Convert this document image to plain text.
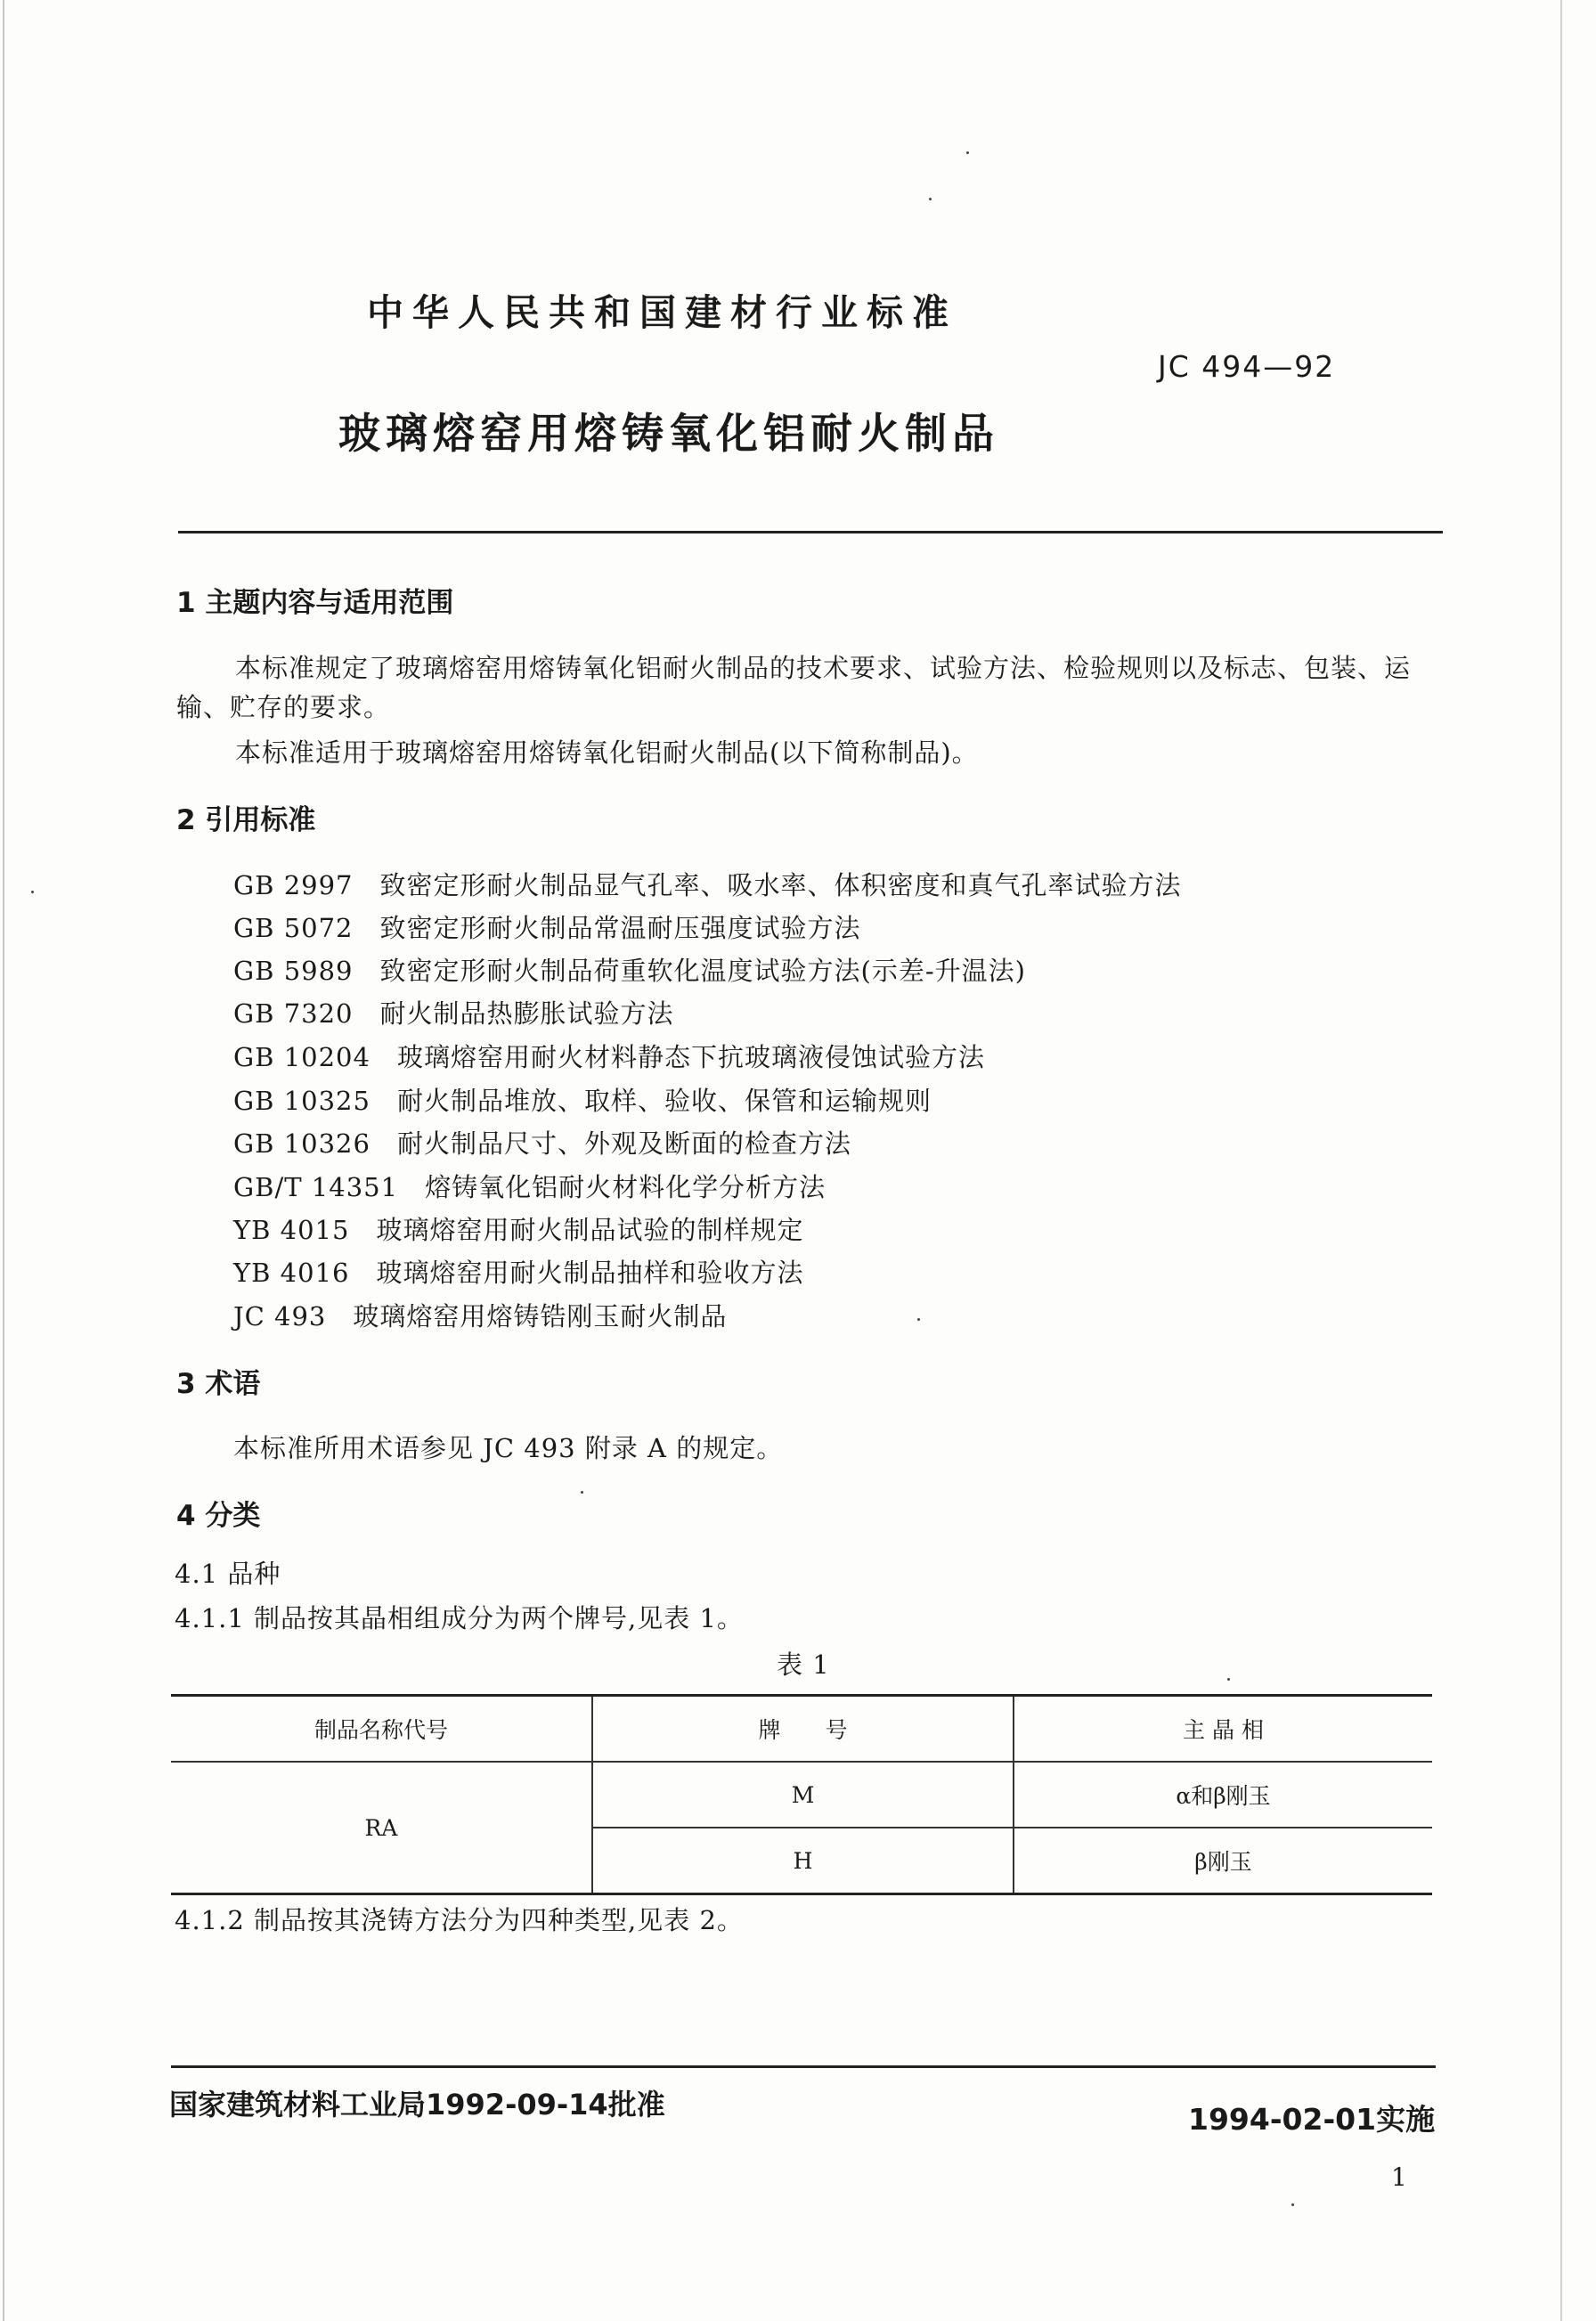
中华人民共和国建材行业标准
JC 494—92
玻璃熔窑用熔铸氧化铝耐火制品
1 主题内容与适用范围
本标准规定了玻璃熔窑用熔铸氧化铝耐火制品的技术要求、试验方法、检验规则以及标志、包装、运
输、贮存的要求。
本标准适用于玻璃熔窑用熔铸氧化铝耐火制品(以下简称制品)。
2 引用标准
GB 2997 致密定形耐火制品显气孔率、吸水率、体积密度和真气孔率试验方法
GB 5072 致密定形耐火制品常温耐压强度试验方法
GB 5989 致密定形耐火制品荷重软化温度试验方法(示差-升温法)
GB 7320 耐火制品热膨胀试验方法
GB 10204 玻璃熔窑用耐火材料静态下抗玻璃液侵蚀试验方法
GB 10325 耐火制品堆放、取样、验收、保管和运输规则
GB 10326 耐火制品尺寸、外观及断面的检查方法
GB/T 14351 熔铸氧化铝耐火材料化学分析方法
YB 4015 玻璃熔窑用耐火制品试验的制样规定
YB 4016 玻璃熔窑用耐火制品抽样和验收方法
JC 493 玻璃熔窑用熔铸锆刚玉耐火制品
3 术语
本标准所用术语参见 JC 493 附录 A 的规定。
4 分类
4.1 品种
4.1.1 制品按其晶相组成分为两个牌号,见表 1。
表 1
制品名称代号	牌　　号	主 晶 相
RA	M	α和β刚玉
	H	β刚玉
4.1.2 制品按其浇铸方法分为四种类型,见表 2。
国家建筑材料工业局1992-09-14批准	1994-02-01实施
1
